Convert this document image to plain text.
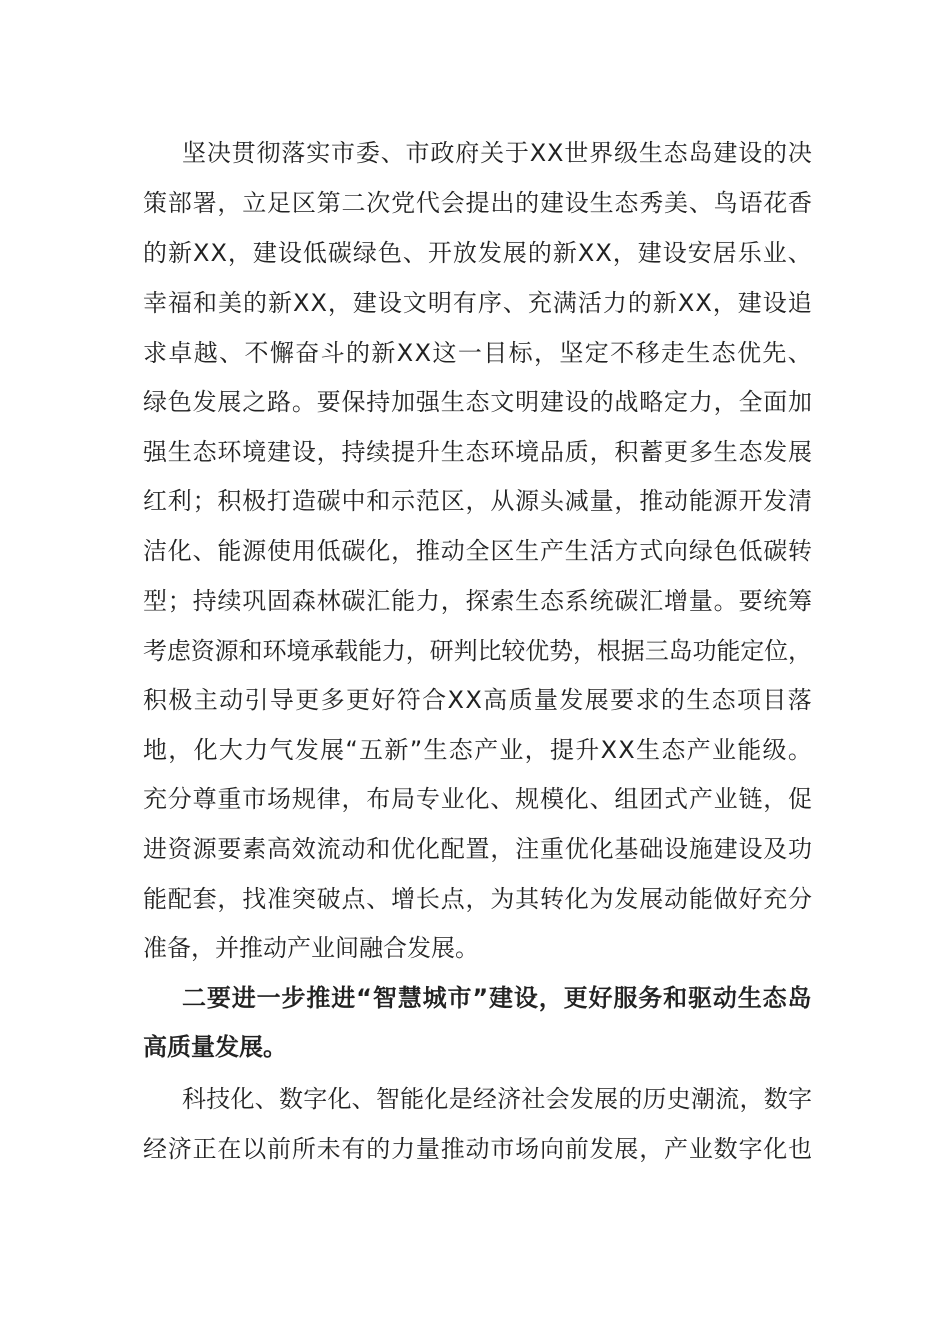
坚决贯彻落实市委、市政府关于XX世界级生态岛建设的决
策部署，立足区第二次党代会提出的建设生态秀美、鸟语花香
的新XX，建设低碳绿色、开放发展的新XX，建设安居乐业、
幸福和美的新XX，建设文明有序、充满活力的新XX，建设追
求卓越、不懈奋斗的新XX这一目标，坚定不移走生态优先、
绿色发展之路。要保持加强生态文明建设的战略定力，全面加
强生态环境建设，持续提升生态环境品质，积蓄更多生态发展
红利；积极打造碳中和示范区，从源头减量，推动能源开发清
洁化、能源使用低碳化，推动全区生产生活方式向绿色低碳转
型；持续巩固森林碳汇能力，探索生态系统碳汇增量。要统筹
考虑资源和环境承载能力，研判比较优势，根据三岛功能定位，
积极主动引导更多更好符合XX高质量发展要求的生态项目落
地，化大力气发展“五新”生态产业，提升XX生态产业能级。
充分尊重市场规律，布局专业化、规模化、组团式产业链，促
进资源要素高效流动和优化配置，注重优化基础设施建设及功
能配套，找准突破点、增长点，为其转化为发展动能做好充分
准备，并推动产业间融合发展。
二要进一步推进“智慧城市”建设，更好服务和驱动生态岛
高质量发展。
科技化、数字化、智能化是经济社会发展的历史潮流，数字
经济正在以前所未有的力量推动市场向前发展，产业数字化也
